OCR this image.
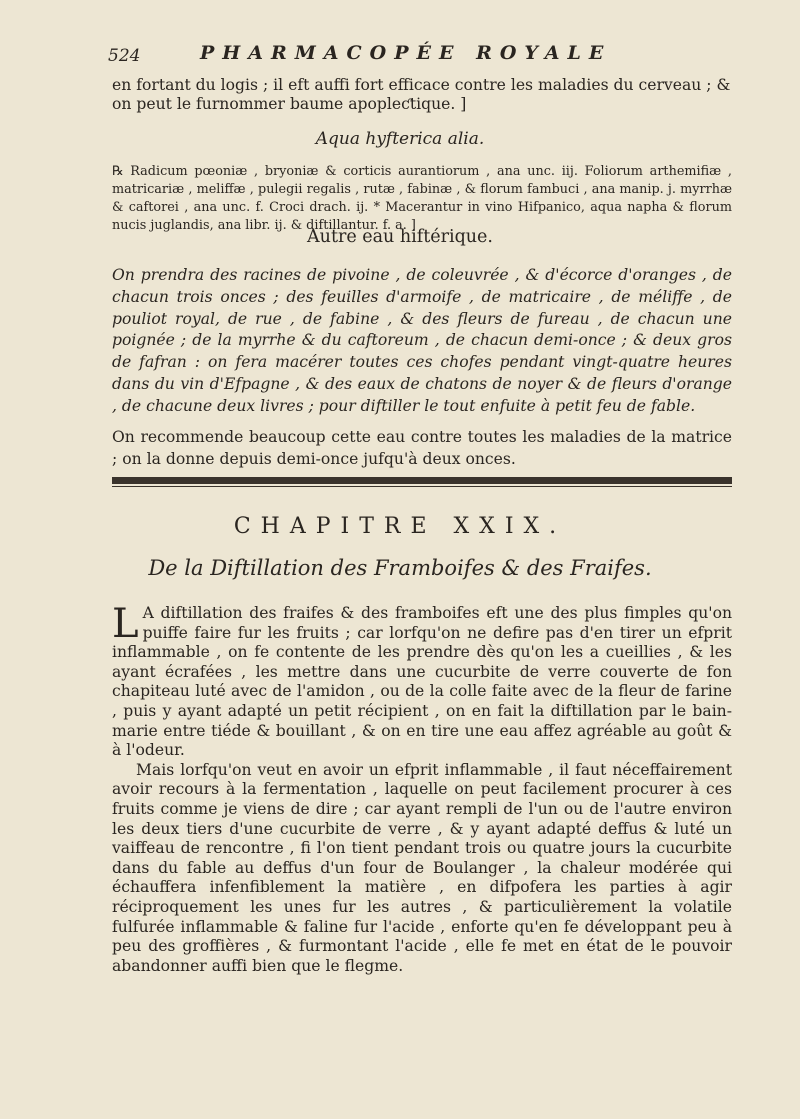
524	PHARMACOPÉE ROYALE

en fortant du logis ; il eft auffi fort efficace contre les maladies du cerveau ; & on peut le furnommer baume apopleƈtique. ]

Aqua hyfterica alia.

℞ Radicum pœoniæ , bryoniæ & corticis aurantiorum , ana unc. iij. Foliorum arthemifiæ , matricariæ , meliffæ , pulegii regalis , rutæ , fabinæ , & florum fambuci , ana manip. j. myrrhæ & caftorei , ana unc. f. Croci drach. ij. * Macerantur in vino Hifpanico, aqua napha & florum nucis juglandis, ana libr. ij. & diftillantur. f. a. ]

Autre eau hiftérique.

On prendra des racines de pivoine , de coleuvrée , & d'écorce d'oranges , de chacun trois onces ; des feuilles d'armoife , de matricaire , de méliffe , de pouliot royal, de rue , de fabine , & des fleurs de fureau , de chacun une poignée ; de la myrrhe & du caftoreum , de chacun demi-once ; & deux gros de fafran : on fera macérer toutes ces chofes pendant vingt-quatre heures dans du vin d'Efpagne , & des eaux de chatons de noyer & de fleurs d'orange , de chacune deux livres ; pour diftiller le tout enfuite à petit feu de fable.

On recommende beaucoup cette eau contre toutes les maladies de la matrice ; on la donne depuis demi-once jufqu'à deux onces.

CHAPITRE XXIX.
De la Diftillation des Framboifes & des Fraifes.

L A diftillation des fraifes & des framboifes eft une des plus fimples qu'on puiffe faire fur les fruits ; car lorfqu'on ne defire pas d'en tirer un efprit inflammable , on fe contente de les prendre dès qu'on les a cueillies , & les ayant écrafées , les mettre dans une cucurbite de verre couverte de fon chapiteau luté avec de l'amidon , ou de la colle faite avec de la fleur de farine , puis y ayant adapté un petit récipient , on en fait la diftillation par le bain-marie entre tiéde & bouillant , & on en tire une eau affez agréable au goût & à l'odeur.

Mais lorfqu'on veut en avoir un efprit inflammable , il faut néceffairement avoir recours à la fermentation , laquelle on peut facilement procurer à ces fruits comme je viens de dire ; car ayant rempli de l'un ou de l'autre environ les deux tiers d'une cucurbite de verre , & y ayant adapté deffus & luté un vaiffeau de rencontre , fi l'on tient pendant trois ou quatre jours la cucurbite dans du fable au deffus d'un four de Boulanger , la chaleur modérée qui échauffera infenfiblement la matière , en difpofera les parties à agir réciproquement les unes fur les autres , & particulièrement la volatile fulfurée inflammable & faline fur l'acide , enforte qu'en fe développant peu à peu des groffières , & furmontant l'acide , elle fe met en état de le pouvoir abandonner auffi bien que le flegme.
